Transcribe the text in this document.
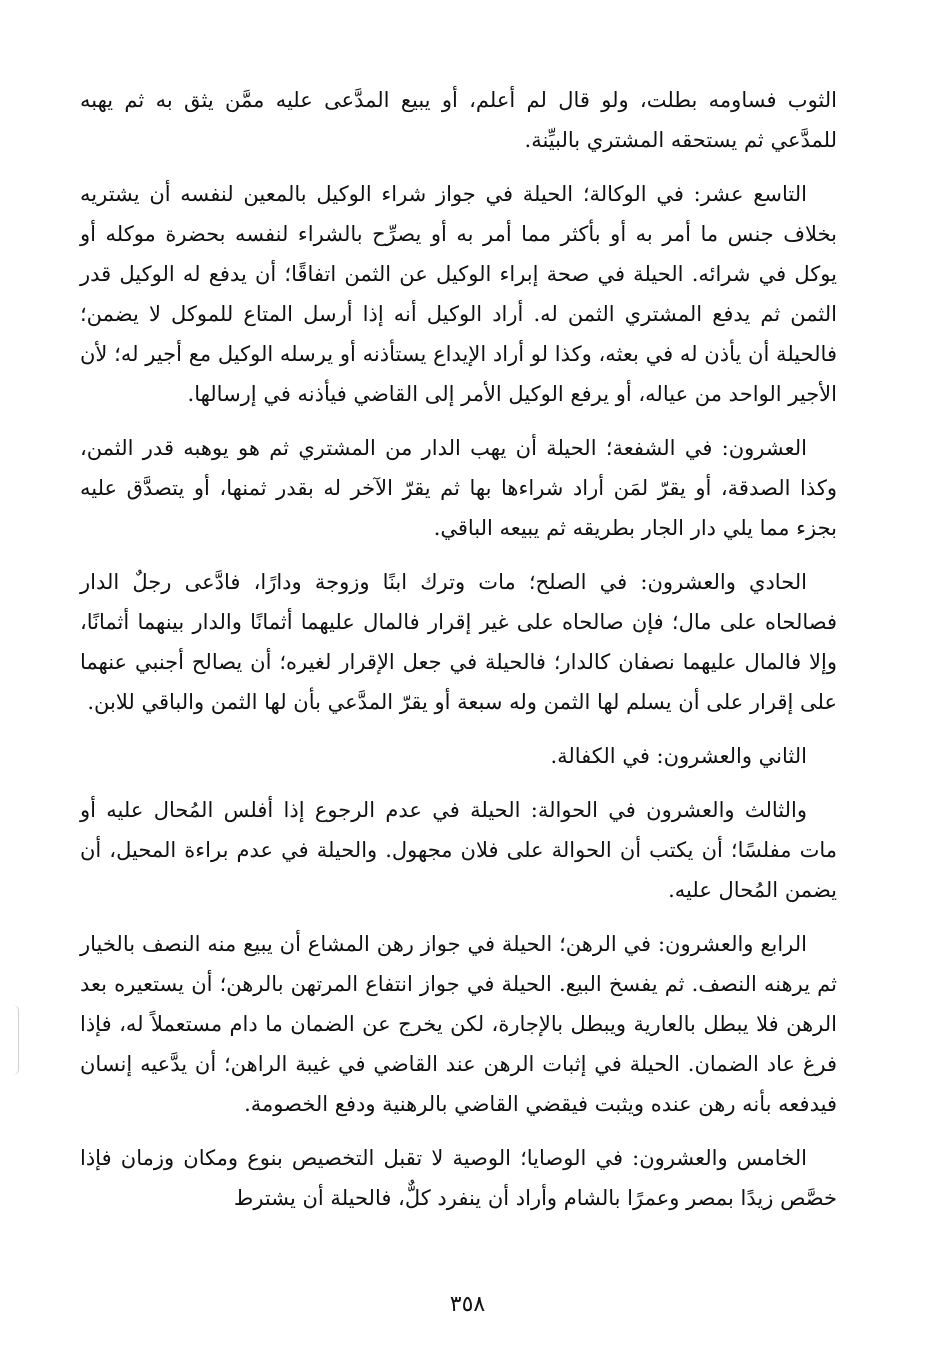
الثوب فساومه بطلت، ولو قال لم أعلم، أو يبيع المدَّعى عليه ممَّن يثق به ثم يهبه للمدَّعي ثم يستحقه المشتري بالبيِّنة.

التاسع عشر: في الوكالة؛ الحيلة في جواز شراء الوكيل بالمعين لنفسه أن يشتريه بخلاف جنس ما أمر به أو بأكثر مما أمر به أو يصرِّح بالشراء لنفسه بحضرة موكله أو يوكل في شرائه. الحيلة في صحة إبراء الوكيل عن الثمن اتفاقًا؛ أن يدفع له الوكيل قدر الثمن ثم يدفع المشتري الثمن له. أراد الوكيل أنه إذا أرسل المتاع للموكل لا يضمن؛ فالحيلة أن يأذن له في بعثه، وكذا لو أراد الإيداع يستأذنه أو يرسله الوكيل مع أجير له؛ لأن الأجير الواحد من عياله، أو يرفع الوكيل الأمر إلى القاضي فيأذنه في إرسالها.

العشرون: في الشفعة؛ الحيلة أن يهب الدار من المشتري ثم هو يوهبه قدر الثمن، وكذا الصدقة، أو يقرّ لمَن أراد شراءها بها ثم يقرّ الآخر له بقدر ثمنها، أو يتصدَّق عليه بجزء مما يلي دار الجار بطريقه ثم يبيعه الباقي.

الحادي والعشرون: في الصلح؛ مات وترك ابنًا وزوجة ودارًا، فادَّعى رجلٌ الدار فصالحاه على مال؛ فإن صالحاه على غير إقرار فالمال عليهما أثمانًا والدار بينهما أثمانًا، وإلا فالمال عليهما نصفان كالدار؛ فالحيلة في جعل الإقرار لغيره؛ أن يصالح أجنبي عنهما على إقرار على أن يسلم لها الثمن وله سبعة أو يقرّ المدَّعي بأن لها الثمن والباقي للابن.

الثاني والعشرون: في الكفالة.

والثالث والعشرون في الحوالة: الحيلة في عدم الرجوع إذا أفلس المُحال عليه أو مات مفلسًا؛ أن يكتب أن الحوالة على فلان مجهول. والحيلة في عدم براءة المحيل، أن يضمن المُحال عليه.

الرابع والعشرون: في الرهن؛ الحيلة في جواز رهن المشاع أن يبيع منه النصف بالخيار ثم يرهنه النصف. ثم يفسخ البيع. الحيلة في جواز انتفاع المرتهن بالرهن؛ أن يستعيره بعد الرهن فلا يبطل بالعارية ويبطل بالإجارة، لكن يخرج عن الضمان ما دام مستعملاً له، فإذا فرغ عاد الضمان. الحيلة في إثبات الرهن عند القاضي في غيبة الراهن؛ أن يدَّعيه إنسان فيدفعه بأنه رهن عنده ويثبت فيقضي القاضي بالرهنية ودفع الخصومة.

الخامس والعشرون: في الوصايا؛ الوصية لا تقبل التخصيص بنوع ومكان وزمان فإذا خصَّص زيدًا بمصر وعمرًا بالشام وأراد أن ينفرد كلٌّ، فالحيلة أن يشترط

٣٥٨
